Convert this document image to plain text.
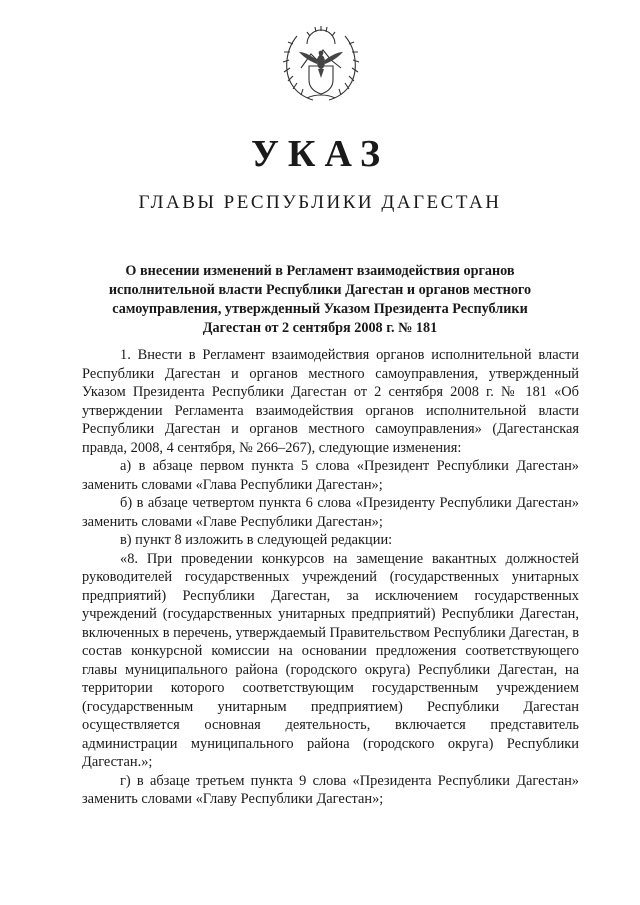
УКАЗ
ГЛАВЫ РЕСПУБЛИКИ ДАГЕСТАН
О внесении изменений в Регламент взаимодействия органов исполнительной власти Республики Дагестан и органов местного самоуправления, утвержденный Указом Президента Республики Дагестан от 2 сентября 2008 г. № 181

1. Внести в Регламент взаимодействия органов исполнительной власти Республики Дагестан и органов местного самоуправления, утвержденный Указом Президента Республики Дагестан от 2 сентября 2008 г. № 181 «Об утверждении Регламента взаимодействия органов исполнительной власти Республики Дагестан и органов местного самоуправления» (Дагестанская правда, 2008, 4 сентября, № 266–267), следующие изменения:

а) в абзаце первом пункта 5 слова «Президент Республики Дагестан» заменить словами «Глава Республики Дагестан»;

б) в абзаце четвертом пункта 6 слова «Президенту Республики Дагестан» заменить словами «Главе Республики Дагестан»;

в) пункт 8 изложить в следующей редакции:

«8. При проведении конкурсов на замещение вакантных должностей руководителей государственных учреждений (государственных унитарных предприятий) Республики Дагестан, за исключением государственных учреждений (государственных унитарных предприятий) Республики Дагестан, включенных в перечень, утверждаемый Правительством Республики Дагестан, в состав конкурсной комиссии на основании предложения соответствующего главы муниципального района (городского округа) Республики Дагестан, на территории которого соответствующим государственным учреждением (государственным унитарным предприятием) Республики Дагестан осуществляется основная деятельность, включается представитель администрации муниципального района (городского округа) Республики Дагестан.»;

г) в абзаце третьем пункта 9 слова «Президента Республики Дагестан» заменить словами «Главу Республики Дагестан»;
